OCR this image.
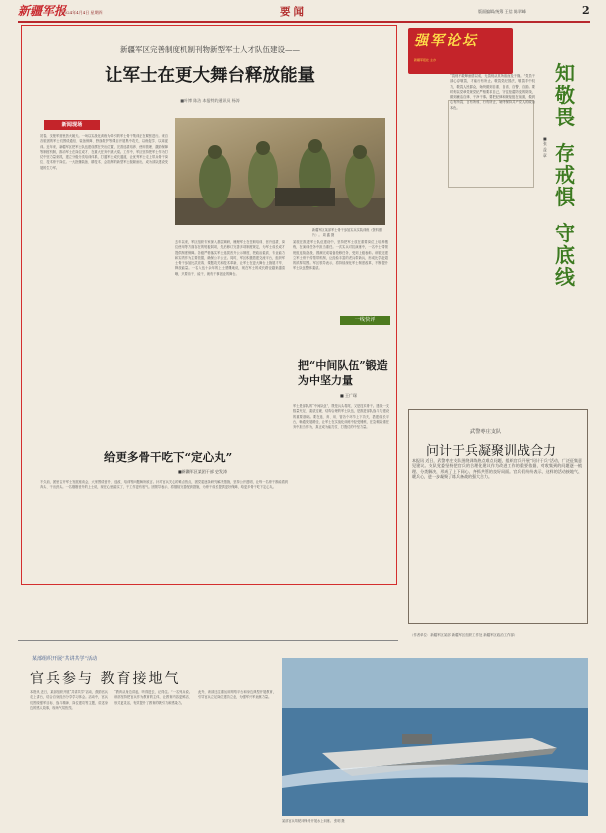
新疆军报
2024年4月4日 星期四	要闻	版面编辑/统筹 王信 陈翠峰	2
新疆军区完善制度机制刊物新型军士人才队伍建设——
让军士在更大舞台释放能量
■叶博 陈洁 本报特约通讯员 杨涛
新闻现场
初春，戈壁军营里热火朝天。一场以实战化训练为牵引的军士骨干集训正在紧张进行。来自各旅团的军士们围绕通信、装备保障、野战救护等课目开展集中攻关，以练促学、以赛促训。近年来，新疆军区把军士队伍建设摆在突出位置，完善选拔培养、使用管理、激励保障等制度机制，推动军士在岗位成才、在重大任务中挑大梁。工作中，军区坚持把军士作为打仗中坚力量来抓，建立分级分类培训体系，打通军士成长通道，让优秀军士走上带兵骨干岗位、技术骨干岗位。一大批懂装备、精技术、会指挥的新型军士脱颖而出，成为部队建设发展的生力军。
去年以来，军区组织专家深入基层调研，梳理军士在任职培训、晋升选拔、岗位使用等方面存在的短板弱项，先后修订完善多项制度规定，为军士成长成才提供制度保障。各级严格落实军士选拔晋升公示制度，把政治素质、专业能力和实绩作为主要依据，确保公平公正。同时，军区积极搭建交流平台，组织军士骨干参加比武竞赛、课题攻关和技术革新，让军士在更大舞台上施展才华、释放能量。一名入伍十余年的上士感慨地说，现在军士的成长路径越来越清晰，只要肯干、能干，就有干事创业的舞台。
某旅在推进军士队伍建设中，坚持把军士放在重要岗位上培养锻炼，在演训任务中担当重任。一次实兵对抗演练中，一名中士带领班组连续奋战，圆满完成装备抢修任务，受到上级表彰。该旅还建立军士骨干传帮带机制，让经验丰富的老兵带新兵，形成比学赶超的浓厚氛围。军区领导表示，将持续深化军士制度改革，不断提升军士队伍整体素质。
新疆军区某部军士骨干参加实兵实装训练（资料照片）。 周 鑫 摄
一线快评
把“中间队伍”锻造为中坚力量
■ 王广琛
军士是部队的“中间队伍”，既是兵头将尾，又是技术骨干。建设一支数量充足、素质过硬、结构合理的军士队伍，是推进部队战斗力建设的重要基础。要在选、育、用、管各个环节上下功夫，搭建成长平台，畅通发展路径，让军士在实战化训练中经受锤炼，在急难险重任务中担当作为，真正成为能打仗、打胜仗的中坚力量。
给更多骨干吃下“定心丸”
■新疆军区某团干部 史发涛
不久前，团里召开军士发展座谈会，大家围绕晋升、选改、培训等问题畅所欲言。针对官兵关心的难点热点，团党委逐条研究解决措施，坚持公开透明，让每一名骨干都能看到奔头、干出劲头。一名刚刚晋升的上士说，现在心里踏实了，干工作更有底气。团领导表示，将继续完善配套措施，为骨干成长提供更好保障，给更多骨干吃下定心丸。
强军论坛
新疆军报社 主办
“畏则不敢肆而德以成，无畏则从其所欲而及于祸。”党员干部心存敬畏，才能行有所止。敬畏党纪国法，敬畏手中权力，敬畏人民群众，始终做到自重、自省、自警、自励。要时刻以党章党规党纪严格要求自己，守住拒腐防变的防线，做到廉洁自律、干净干事。要把纪律和规矩挺在前面，做到心有所畏、言有所戒、行有所止，始终保持共产党人的政治本色。
知敬畏
存戒惧
守底线
■张益章
武警枣庄支队
问计于兵凝聚训战合力
本报讯 近日，武警枣庄支队围绕训练热点难点问题，组织官兵开展“问计于兵”活动，广泛征集意见建议。支队党委坚持把官兵的合理化建议作为改进工作的重要依据，对收集到的问题逐一梳理、分类解决，形成了上下同心、齐抓共管的良好局面。官兵们纷纷表示，这样的活动接地气、暖兵心，进一步凝聚了练兵备战的强大合力。
（作者单位：新疆军区某部 新疆军区组织工作处 新疆军区政治工作部）
某部组织开展“共讲共学”活动
官兵参与 教育接地气
本报讯 近日，某部组织开展“共讲共学”活动，鼓励官兵走上讲台，结合自身经历分享学习体会。活动中，官兵们围绕强军目标、战斗精神、岗位建功等主题，讲述身边的感人故事，现场气氛热烈。
“教育从身边讲起，听得进去，记得住。”一名列兵说。该部坚持把官兵作为教育的主体，让教育内容更鲜活、形式更灵活，有效提升了教育的吸引力和感染力。
此外，该部还注重运用网络平台和身边典型开展教育，引导官兵立足岗位建功立业，为强军兴军贡献力量。
某部官兵驾驶冲锋舟开展水上训练。 张明 摄
